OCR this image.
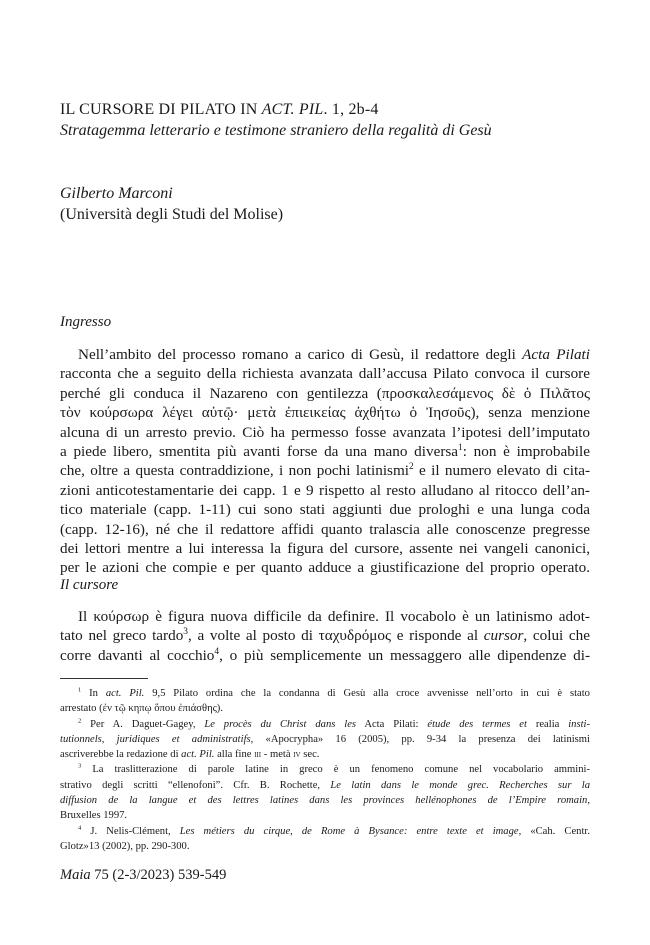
IL CURSORE DI PILATO IN ACT. PIL. 1, 2b-4
Stratagemma letterario e testimone straniero della regalità di Gesù
Gilberto Marconi
(Università degli Studi del Molise)
Ingresso
Nell’ambito del processo romano a carico di Gesù, il redattore degli Acta Pilati
racconta che a seguito della richiesta avanzata dall’accusa Pilato convoca il cursore
perché gli conduca il Nazareno con gentilezza (προσκαλεσάμενος δὲ ὁ Πιλᾶτος
τὸν κούρσωρα λέγει αὐτῷ· μετὰ ἐπιεικείας ἀχθήτω ὁ Ἰησοῦς), senza menzione
alcuna di un arresto previo. Ciò ha permesso fosse avanzata l’ipotesi dell’imputato
a piede libero, smentita più avanti forse da una mano diversa$^1$: non è improbabile
che, oltre a questa contraddizione, i non pochi latinismi$^2$ e il numero elevato di cita-
zioni anticotestamentarie dei capp. 1 e 9 rispetto al resto alludano al ritocco dell’an-
tico materiale (capp. 1-11) cui sono stati aggiunti due prologhi e una lunga coda
(capp. 12-16), né che il redattore affidi quanto tralascia alle conoscenze pregresse
dei lettori mentre a lui interessa la figura del cursore, assente nei vangeli canonici,
per le azioni che compie e per quanto adduce a giustificazione del proprio operato.
Il cursore
Il κούρσωρ è figura nuova difficile da definire. Il vocabolo è un latinismo adot-
tato nel greco tardo$^3$, a volte al posto di ταχυδρόμος e risponde al cursor, colui che
corre davanti al cocchio$^4$, o più semplicemente un messaggero alle dipendenze di-
$^1$ In act. Pil. 9,5 Pilato ordina che la condanna di Gesù alla croce avvenisse nell’orto in cui è stato
arrestato (ἐν τῷ κηπῳ ὅπου ἐπιάσθης).
$^2$ Per A. Daguet-Gagey, Le procès du Christ dans les Acta Pilati: étude des termes et realia insti-
tutionnels, juridiques et administratifs, «Apocrypha» 16 (2005), pp. 9-34 la presenza dei latinismi
ascriverebbe la redazione di act. Pil. alla fine iii - metà iv sec.
$^3$ La traslitterazione di parole latine in greco è un fenomeno comune nel vocabolario ammini-
strativo degli scritti “ellenofoni”. Cfr. B. Rochette, Le latin dans le monde grec. Recherches sur la
diffusion de la langue et des lettres latines dans les provinces hellénophones de l’Empire romain,
Bruxelles 1997.
$^4$ J. Nelis-Clément, Les métiers du cirque, de Rome à Bysance: entre texte et image, «Cah. Centr.
Glotz»13 (2002), pp. 290-300.
Maia 75 (2-3/2023) 539-549
